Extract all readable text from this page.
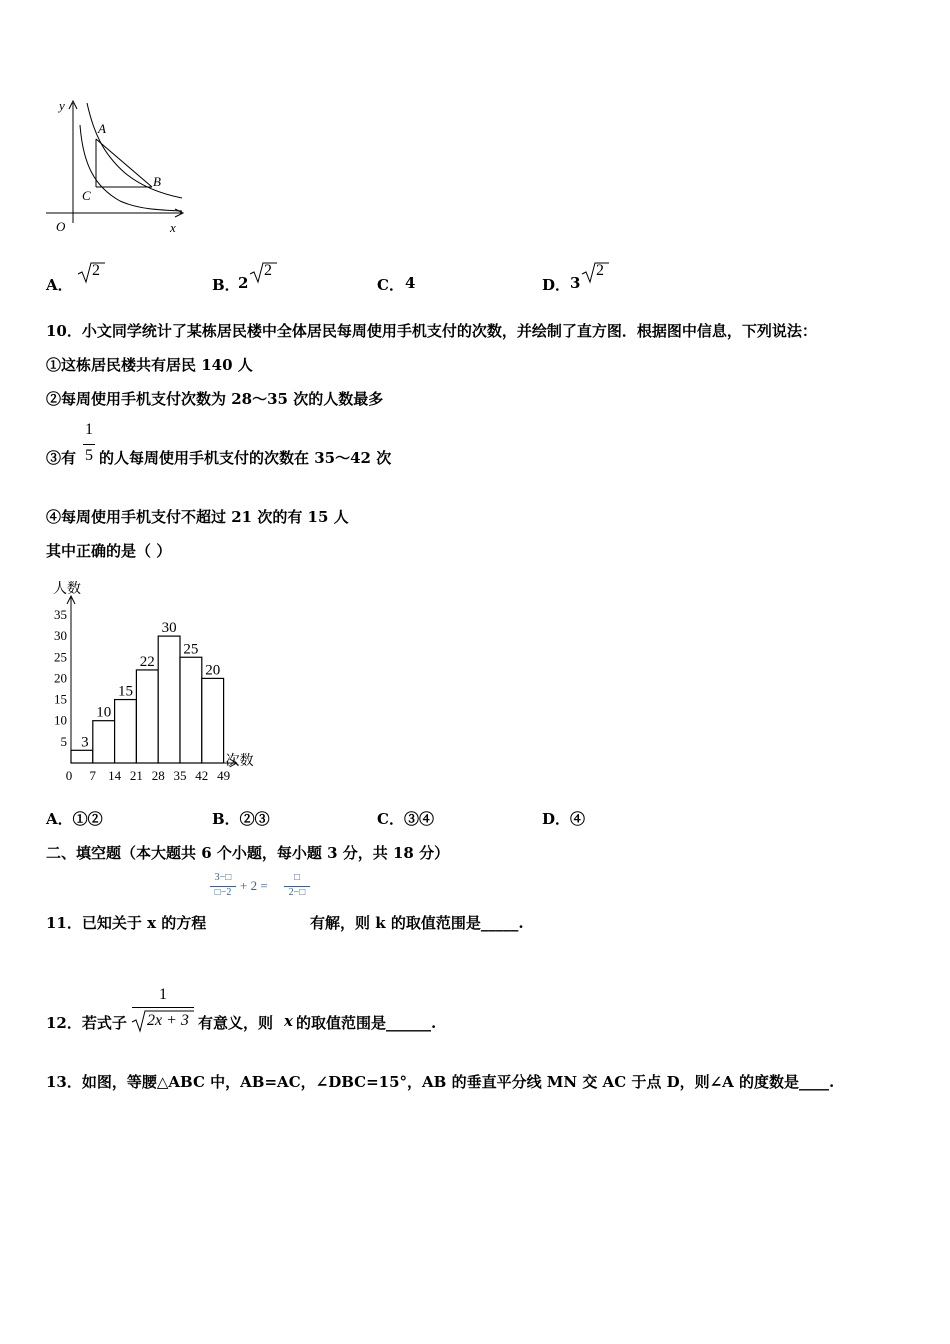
y
A
C
B
O	x
A．
2
B．
2
2
C． 4	D． 3
2
10．小文同学统计了某栋居民楼中全体居民每周使用手机支付的次数，并绘制了直方图．根据图中信息，下列说法：
①这栋居民楼共有居民 140 人
②每周使用手机支付次数为 28～35 次的人数最多
③有
1
5 的人每周使用手机支付的次数在 35～42 次
④每周使用手机支付不超过 21 次的有 15 人
其中正确的是（ ）
人数
次数
3
10
15
22
30
25
20
0 7 14 21 28 35 42 49
5
10
15
20
25
30
35
A．①②	B．②③	C．③④	D．④
二、填空题（本大题共 6 个小题，每小题 3 分，共 18 分）
3−□
□−2 + 2 =
□
2−□
11．已知关于 x 的方程	有解，则 k 的取值范围是_____.
12．若式子
1
2x + 3 有意义，则 x 的取值范围是______.
13．如图，等腰△ABC 中，AB=AC，∠DBC=15°，AB 的垂直平分线 MN 交 AC 于点 D，则∠A 的度数是____.
